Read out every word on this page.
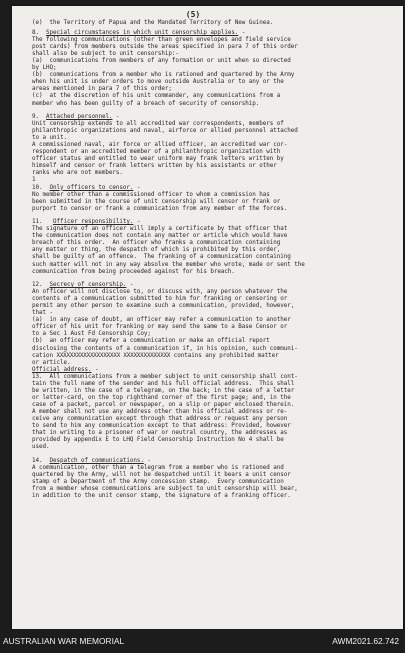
(5)

(e)  the Territory of Papua and the Mandated Territory of New Guinea.

8.  Special circumstances in which unit censorship applies. -

The following communications (other than green envelopes and field service

post cards) from members outside the areas specified in para 7 of this order

shall also be subject to unit censorship:-

(a)  communications from members of any formation or unit when so directed

by LHQ;

(b)  communications from a member who is rationed and quartered by the Army

when his unit is under orders to move outside Australia or to any or the

areas mentioned in para 7 of this order;

(c)  at the discretion of his unit commander, any communications from a

member who has been guilty of a breach of security of censorship.

9.  Attached personnel. -

Unit censorship extends to all accredited war correspondents, members of

philanthropic organizations and naval, airforce or allied personnel attached

to a unit.

A commissioned naval, air force or allied officer, an accredited war cor-

respondent or an accredited member of a philanthropic organization with

officer status and entitled to wear uniform may frank letters written by

himself and censor or frank letters written by his assistants or other

ranks who are not members.

1

10.  Only officers to censor. -

No member other than a commissioned officer to whom a commission has

been submitted in the course of unit censorship will censor or frank or

purport to censor or frank a communication from any member of the forces.

11.   Officer responsibility. -

The signature of an officer will imply a certificate by that officer that

the communication does not contain any matter or article which would have

breach of this order.  An officer who franks a communication containing

any matter or thing, the despatch of which is prohibited by this order,

shall be guilty of an offence.  The franking of a communication containing

such matter will not in any way absolve the member who wrote, made or sent the

communication from being proceeded against for his breach.

12.  Secrecy of censorship. -

An officer will not disclose to, or discuss with, any person whatever the

contents of a communication submitted to him for franking or censoring or

permit any other person to examine such a communication, provided, however,

that -

(a)  in any case of doubt, an officer may refer a communication to another

officer of his unit for franking or may send the same to a Base Censor or

to a Sec 1 Aust Fd Censorship Coy;

(b)  an officer may refer a communication or make an official report

disclosing the contents of a communication if, in his opinion, such communi-

cation XXXXXXXXXXXXXXXXXXX XXXXXXXXXXXXXX contains any prohibited matter

or article.

Official address. -

13.  All communications from a member subject to unit censorship shall cont-

tain the full name of the sender and his full official address.  This shall

be written, in the case of a telegram, on the back; in the case of a letter

or letter-card, on the top righthand corner of the first page; and, in the

case of a packet, parcel or newspaper, on a slip or paper enclosed therein.

A member shall not use any address other than his official address or re-

ceive any communication except through that address or request any person

to send to him any communication except to that address: Provided, however

that in writing to a prisoner of war or neutral country, the addresses as

provided by appendix E to LHQ Field Censorship Instruction No 4 shall be

used.

14.  Despatch of communications. -

A communication, other than a telegram from a member who is rationed and

quartered by the Army, will not be despatched until it bears a unit censor

stamp of a Department of the Army concession stamp.  Every communication

from a member whose communications are subject to unit censorship will bear,

in addition to the unit censor stamp, the signature of a franking officer.

AUSTRALIAN WAR MEMORIAL	AWM2021.62.742
